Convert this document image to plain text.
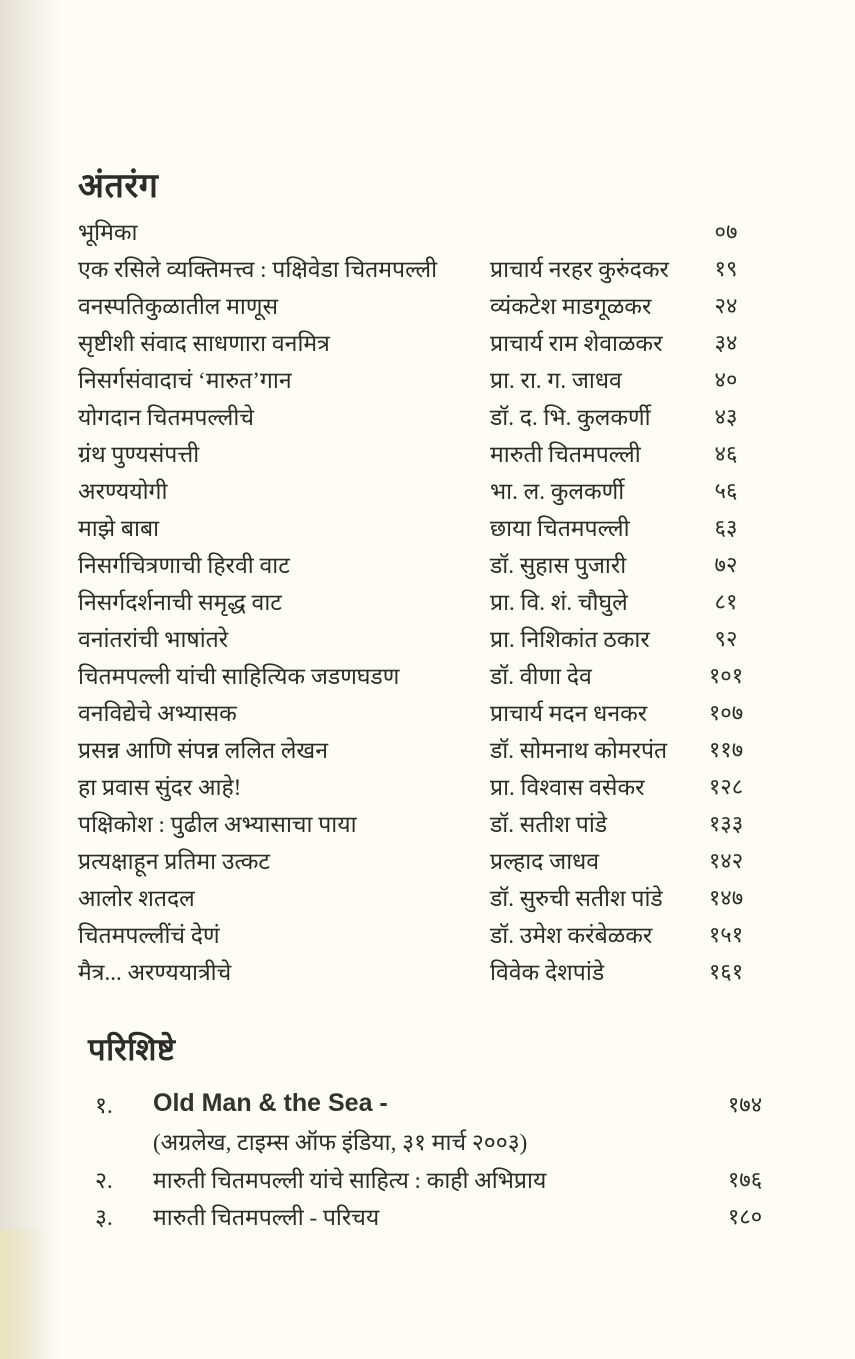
अंतरंग
भूमिका	०७
एक रसिले व्यक्तिमत्त्व : पक्षिवेडा चितमपल्ली	प्राचार्य नरहर कुरुंदकर	१९
वनस्पतिकुळातील माणूस	व्यंकटेश माडगूळकर	२४
सृष्टीशी संवाद साधणारा वनमित्र	प्राचार्य राम शेवाळकर	३४
निसर्गसंवादाचं ‘मारुत’गान	प्रा. रा. ग. जाधव	४०
योगदान चितमपल्लीचे	डॉ. द. भि. कुलकर्णी	४३
ग्रंथ पुण्यसंपत्ती	मारुती चितमपल्ली	४६
अरण्ययोगी	भा. ल. कुलकर्णी	५६
माझे बाबा	छाया चितमपल्ली	६३
निसर्गचित्रणाची हिरवी वाट	डॉ. सुहास पुजारी	७२
निसर्गदर्शनाची समृद्ध वाट	प्रा. वि. शं. चौघुले	८१
वनांतरांची भाषांतरे	प्रा. निशिकांत ठकार	९२
चितमपल्ली यांची साहित्यिक जडणघडण	डॉ. वीणा देव	१०१
वनविद्येचे अभ्यासक	प्राचार्य मदन धनकर	१०७
प्रसन्न आणि संपन्न ललित लेखन	डॉ. सोमनाथ कोमरपंत	११७
हा प्रवास सुंदर आहे!	प्रा. विश्वास वसेकर	१२८
पक्षिकोश : पुढील अभ्यासाचा पाया	डॉ. सतीश पांडे	१३३
प्रत्यक्षाहून प्रतिमा उत्कट	प्रल्हाद जाधव	१४२
आलोर शतदल	डॉ. सुरुची सतीश पांडे	१४७
चितमपल्लींचं देणं	डॉ. उमेश करंबेळकर	१५१
मैत्र... अरण्ययात्रीचे	विवेक देशपांडे	१६१
परिशिष्टे
१.	Old Man & the Sea -	१७४
(अग्रलेख, टाइम्स ऑफ इंडिया, ३१ मार्च २००३)
२.	मारुती चितमपल्ली यांचे साहित्य : काही अभिप्राय	१७६
३.	मारुती चितमपल्ली - परिचय	१८०
